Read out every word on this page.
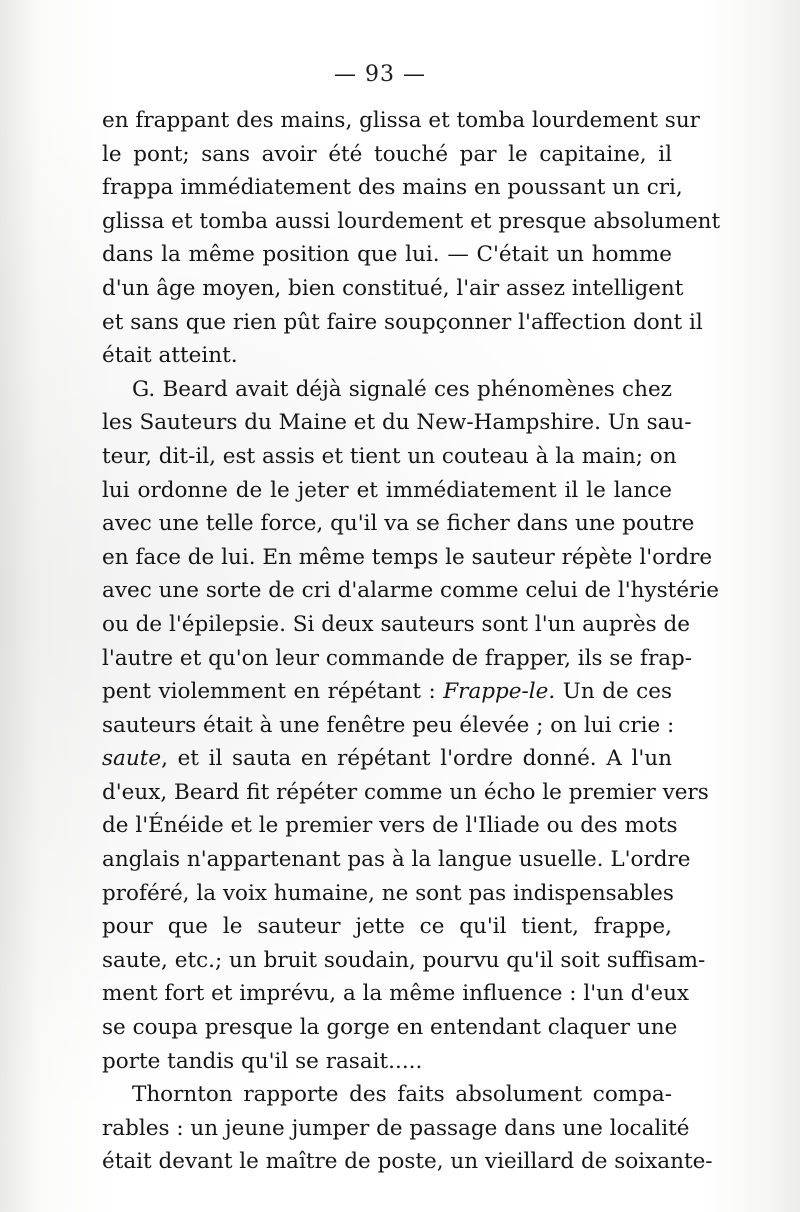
— 93 —
en frappant des mains, glissa et tomba lourdement sur
le pont; sans avoir été touché par le capitaine, il
frappa immédiatement des mains en poussant un cri,
glissa et tomba aussi lourdement et presque absolument
dans la même position que lui. — C'était un homme
d'un âge moyen, bien constitué, l'air assez intelligent
et sans que rien pût faire soupçonner l'affection dont il
était atteint.
G. Beard avait déjà signalé ces phénomènes chez
les Sauteurs du Maine et du New-Hampshire. Un sau-
teur, dit-il, est assis et tient un couteau à la main; on
lui ordonne de le jeter et immédiatement il le lance
avec une telle force, qu'il va se ficher dans une poutre
en face de lui. En même temps le sauteur répète l'ordre
avec une sorte de cri d'alarme comme celui de l'hystérie
ou de l'épilepsie. Si deux sauteurs sont l'un auprès de
l'autre et qu'on leur commande de frapper, ils se frap-
pent violemment en répétant : Frappe-le. Un de ces
sauteurs était à une fenêtre peu élevée ; on lui crie :
saute, et il sauta en répétant l'ordre donné. A l'un
d'eux, Beard fit répéter comme un écho le premier vers
de l'Énéide et le premier vers de l'Iliade ou des mots
anglais n'appartenant pas à la langue usuelle. L'ordre
proféré, la voix humaine, ne sont pas indispensables
pour que le sauteur jette ce qu'il tient, frappe,
saute, etc.; un bruit soudain, pourvu qu'il soit suffisam-
ment fort et imprévu, a la même influence : l'un d'eux
se coupa presque la gorge en entendant claquer une
porte tandis qu'il se rasait.....
Thornton rapporte des faits absolument compa-
rables : un jeune jumper de passage dans une localité
était devant le maître de poste, un vieillard de soixante-
